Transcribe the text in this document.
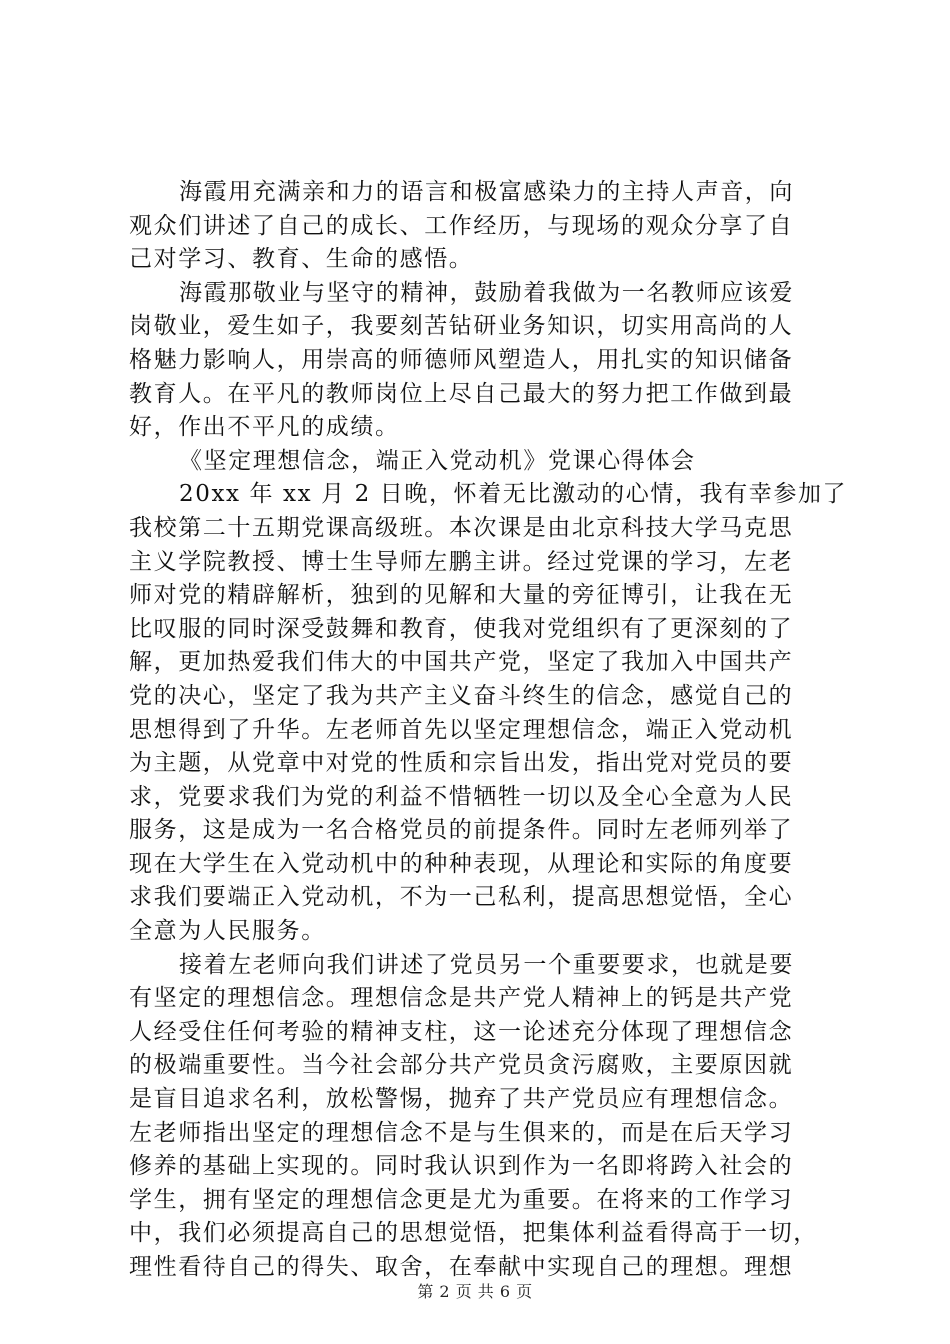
海霞用充满亲和力的语言和极富感染力的主持人声音，向
观众们讲述了自己的成长、工作经历，与现场的观众分享了自
己对学习、教育、生命的感悟。
海霞那敬业与坚守的精神，鼓励着我做为一名教师应该爱
岗敬业，爱生如子，我要刻苦钻研业务知识，切实用高尚的人
格魅力影响人，用崇高的师德师风塑造人，用扎实的知识储备
教育人。在平凡的教师岗位上尽自己最大的努力把工作做到最
好，作出不平凡的成绩。
《坚定理想信念，端正入党动机》党课心得体会
20xx 年 xx 月 2 日晚，怀着无比激动的心情，我有幸参加了
我校第二十五期党课高级班。本次课是由北京科技大学马克思
主义学院教授、博士生导师左鹏主讲。经过党课的学习，左老
师对党的精辟解析，独到的见解和大量的旁征博引，让我在无
比叹服的同时深受鼓舞和教育，使我对党组织有了更深刻的了
解，更加热爱我们伟大的中国共产党，坚定了我加入中国共产
党的决心，坚定了我为共产主义奋斗终生的信念，感觉自己的
思想得到了升华。左老师首先以坚定理想信念，端正入党动机
为主题，从党章中对党的性质和宗旨出发，指出党对党员的要
求，党要求我们为党的利益不惜牺牲一切以及全心全意为人民
服务，这是成为一名合格党员的前提条件。同时左老师列举了
现在大学生在入党动机中的种种表现，从理论和实际的角度要
求我们要端正入党动机，不为一己私利，提高思想觉悟，全心
全意为人民服务。
接着左老师向我们讲述了党员另一个重要要求，也就是要
有坚定的理想信念。理想信念是共产党人精神上的钙是共产党
人经受住任何考验的精神支柱，这一论述充分体现了理想信念
的极端重要性。当今社会部分共产党员贪污腐败，主要原因就
是盲目追求名利，放松警惕，抛弃了共产党员应有理想信念。
左老师指出坚定的理想信念不是与生俱来的，而是在后天学习
修养的基础上实现的。同时我认识到作为一名即将跨入社会的
学生，拥有坚定的理想信念更是尤为重要。在将来的工作学习
中，我们必须提高自己的思想觉悟，把集体利益看得高于一切，
理性看待自己的得失、取舍，在奉献中实现自己的理想。理想
第 2 页 共 6 页
